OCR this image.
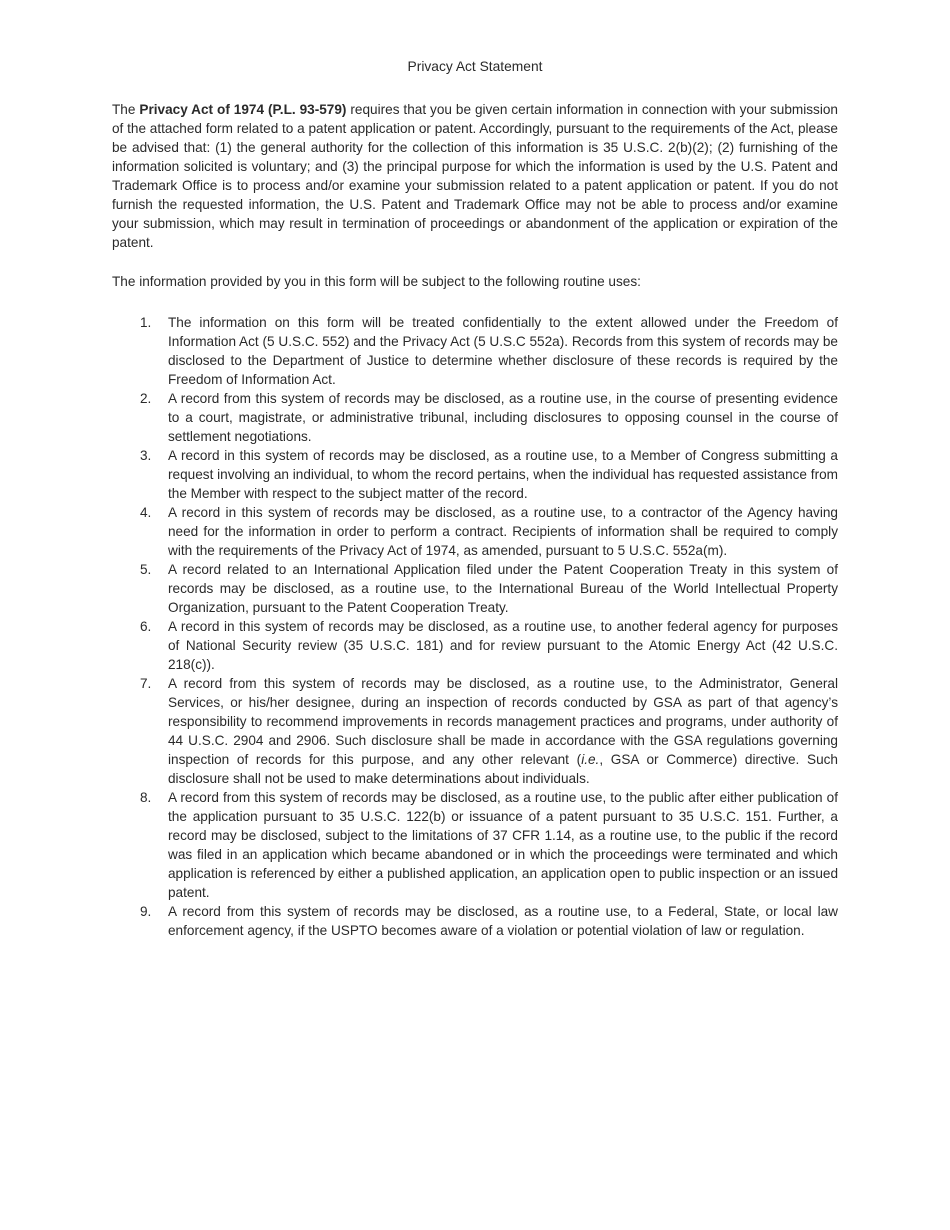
Privacy Act Statement

The Privacy Act of 1974 (P.L. 93-579) requires that you be given certain information in connection with your submission of the attached form related to a patent application or patent. Accordingly, pursuant to the requirements of the Act, please be advised that: (1) the general authority for the collection of this information is 35 U.S.C. 2(b)(2); (2) furnishing of the information solicited is voluntary; and (3) the principal purpose for which the information is used by the U.S. Patent and Trademark Office is to process and/or examine your submission related to a patent application or patent. If you do not furnish the requested information, the U.S. Patent and Trademark Office may not be able to process and/or examine your submission, which may result in termination of proceedings or abandonment of the application or expiration of the patent.

The information provided by you in this form will be subject to the following routine uses:

1.	The information on this form will be treated confidentially to the extent allowed under the Freedom of Information Act (5 U.S.C. 552) and the Privacy Act (5 U.S.C 552a). Records from this system of records may be disclosed to the Department of Justice to determine whether disclosure of these records is required by the Freedom of Information Act.
2.	A record from this system of records may be disclosed, as a routine use, in the course of presenting evidence to a court, magistrate, or administrative tribunal, including disclosures to opposing counsel in the course of settlement negotiations.
3.	A record in this system of records may be disclosed, as a routine use, to a Member of Congress submitting a request involving an individual, to whom the record pertains, when the individual has requested assistance from the Member with respect to the subject matter of the record.
4.	A record in this system of records may be disclosed, as a routine use, to a contractor of the Agency having need for the information in order to perform a contract. Recipients of information shall be required to comply with the requirements of the Privacy Act of 1974, as amended, pursuant to 5 U.S.C. 552a(m).
5.	A record related to an International Application filed under the Patent Cooperation Treaty in this system of records may be disclosed, as a routine use, to the International Bureau of the World Intellectual Property Organization, pursuant to the Patent Cooperation Treaty.
6.	A record in this system of records may be disclosed, as a routine use, to another federal agency for purposes of National Security review (35 U.S.C. 181) and for review pursuant to the Atomic Energy Act (42 U.S.C. 218(c)).
7.	A record from this system of records may be disclosed, as a routine use, to the Administrator, General Services, or his/her designee, during an inspection of records conducted by GSA as part of that agency’s responsibility to recommend improvements in records management practices and programs, under authority of 44 U.S.C. 2904 and 2906. Such disclosure shall be made in accordance with the GSA regulations governing inspection of records for this purpose, and any other relevant (i.e., GSA or Commerce) directive. Such disclosure shall not be used to make determinations about individuals.
8.	A record from this system of records may be disclosed, as a routine use, to the public after either publication of the application pursuant to 35 U.S.C. 122(b) or issuance of a patent pursuant to 35 U.S.C. 151. Further, a record may be disclosed, subject to the limitations of 37 CFR 1.14, as a routine use, to the public if the record was filed in an application which became abandoned or in which the proceedings were terminated and which application is referenced by either a published application, an application open to public inspection or an issued patent.
9.	A record from this system of records may be disclosed, as a routine use, to a Federal, State, or local law enforcement agency, if the USPTO becomes aware of a violation or potential violation of law or regulation.
